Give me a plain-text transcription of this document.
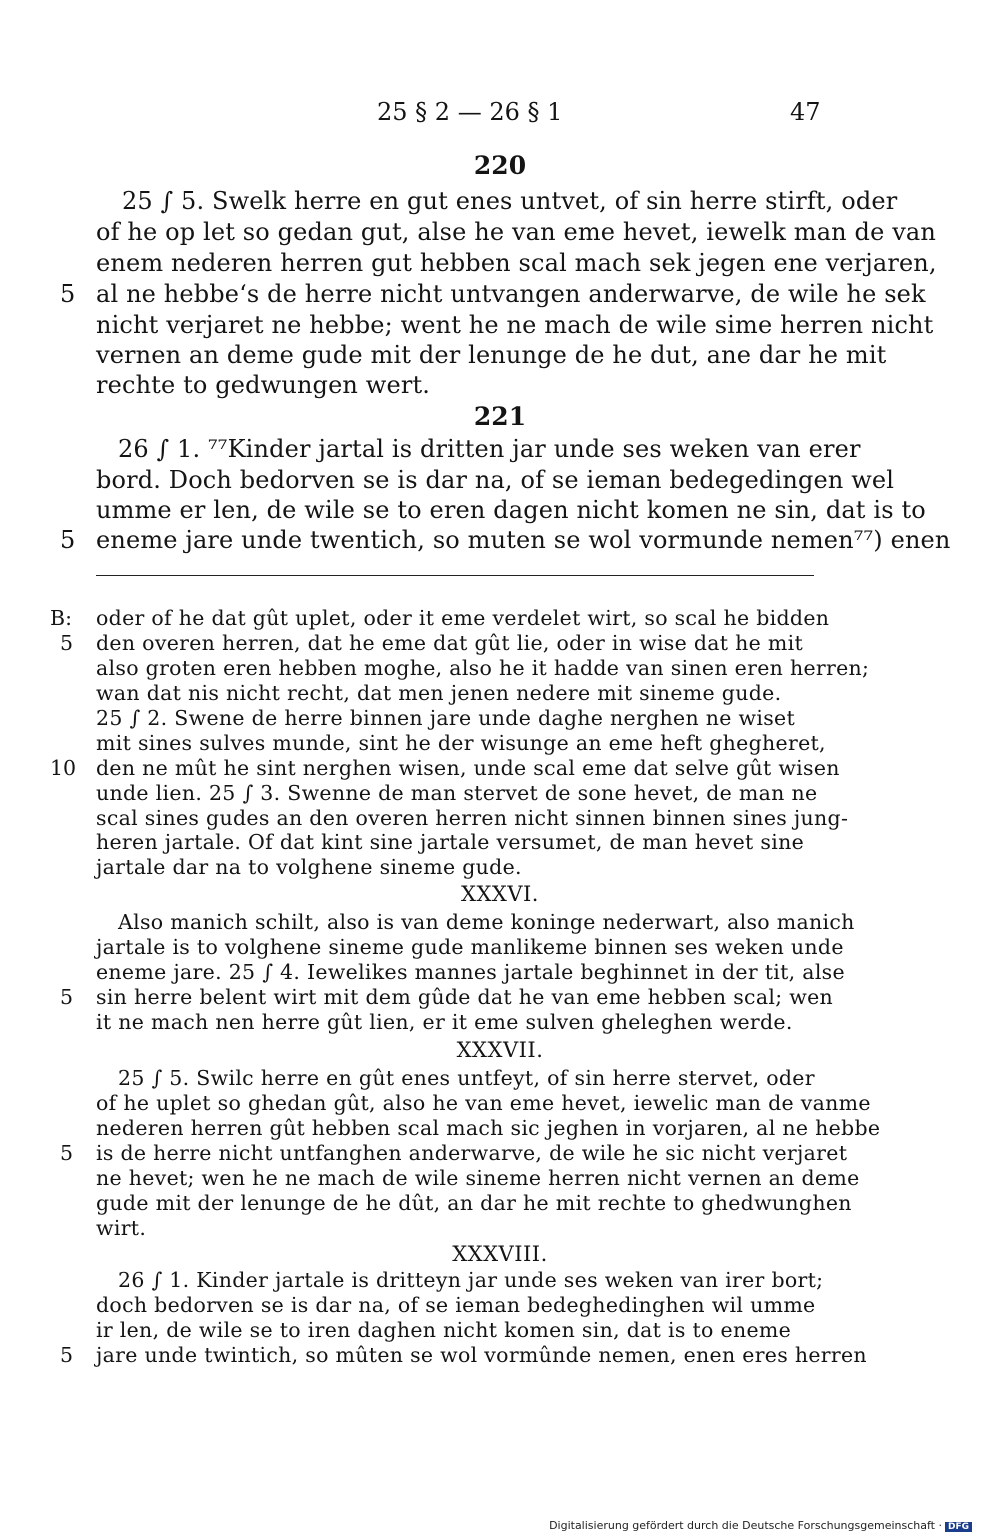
25 § 2 — 26 § 1	47
220
25 ∫ 5. Swelk herre en gut enes untvet, of sin herre stirft, oder
of he op let so gedan gut, alse he van eme hevet, iewelk man de van
enem nederen herren gut hebben scal mach sek jegen ene verjaren,
5 al ne hebbe‘s de herre nicht untvangen anderwarve, de wile he sek
nicht verjaret ne hebbe; went he ne mach de wile sime herren nicht
vernen an deme gude mit der lenunge de he dut, ane dar he mit
rechte to gedwungen wert.
221
26 ∫ 1. ⁷⁷Kinder jartal is dritten jar unde ses weken van erer
bord. Doch bedorven se is dar na, of se ieman bedegedingen wel
umme er len, de wile se to eren dagen nicht komen ne sin, dat is to
5 eneme jare unde twentich, so muten se wol vormunde nemen⁷⁷) enen
B: oder of he dat gût uplet, oder it eme verdelet wirt, so scal he bidden
5 den overen herren, dat he eme dat gût lie, oder in wise dat he mit
also groten eren hebben moghe, also he it hadde van sinen eren herren;
wan dat nis nicht recht, dat men jenen nedere mit sineme gude.
25 ∫ 2. Swene de herre binnen jare unde daghe nerghen ne wiset
mit sines sulves munde, sint he der wisunge an eme heft ghegheret,
10 den ne mût he sint nerghen wisen, unde scal eme dat selve gût wisen
unde lien. 25 ∫ 3. Swenne de man stervet de sone hevet, de man ne
scal sines gudes an den overen herren nicht sinnen binnen sines jung-
heren jartale. Of dat kint sine jartale versumet, de man hevet sine
jartale dar na to volghene sineme gude.
XXXVI.
Also manich schilt, also is van deme koninge nederwart, also manich
jartale is to volghene sineme gude manlikeme binnen ses weken unde
eneme jare. 25 ∫ 4. Iewelikes mannes jartale beghinnet in der tit, alse
5 sin herre belent wirt mit dem gûde dat he van eme hebben scal; wen
it ne mach nen herre gût lien, er it eme sulven gheleghen werde.
XXXVII.
25 ∫ 5. Swilc herre en gût enes untfeyt, of sin herre stervet, oder
of he uplet so ghedan gût, also he van eme hevet, iewelic man de vanme
nederen herren gût hebben scal mach sic jeghen in vorjaren, al ne hebbe
5 is de herre nicht untfanghen anderwarve, de wile he sic nicht verjaret
ne hevet; wen he ne mach de wile sineme herren nicht vernen an deme
gude mit der lenunge de he dût, an dar he mit rechte to ghedwunghen
wirt.
XXXVIII.
26 ∫ 1. Kinder jartale is dritteyn jar unde ses weken van irer bort;
doch bedorven se is dar na, of se ieman bedeghedinghen wil umme
ir len, de wile se to iren daghen nicht komen sin, dat is to eneme
5 jare unde twintich, so mûten se wol vormûnde nemen, enen eres herren
Digitalisierung gefördert durch die Deutsche Forschungsgemeinschaft · DFG
